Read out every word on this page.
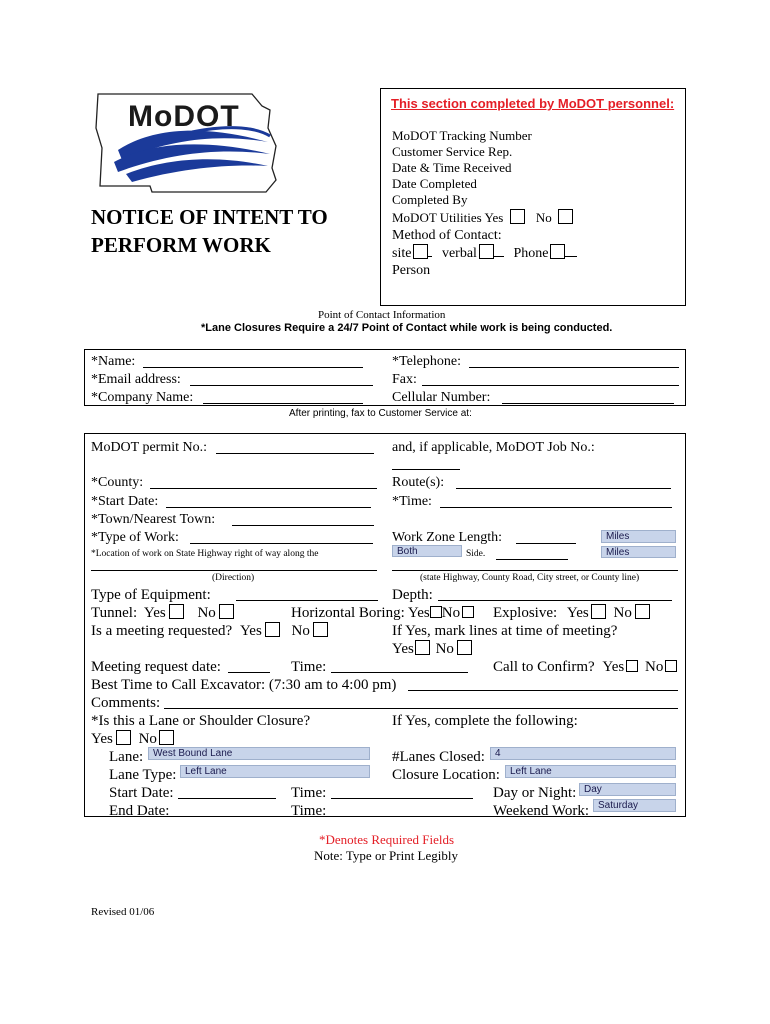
MoDOT
NOTICE OF INTENT TO
PERFORM WORK
This section completed by MoDOT personnel:
MoDOT Tracking Number
Customer Service Rep.
Date & Time Received
Date Completed
Completed By
MoDOT Utilities Yes	No
Method of Contact:
site verbal	Phone
Person
Point of Contact Information
*Lane Closures Require a 24/7 Point of Contact while work is being conducted.
*Name:	*Telephone:
*Email address:	Fax:
*Company Name:	Cellular Number:
After printing, fax to Customer Service at:
MoDOT permit No.:	and, if applicable, MoDOT Job No.:
*County:	Route(s):
*Start Date:	*Time:
*Town/Nearest Town:
*Type of Work:	Work Zone Length:	Miles
*Location of work on State Highway right of way along the	Both	Side.	Miles
(Direction)	(state Highway, County Road, City street, or County line)
Type of Equipment:	Depth:
Tunnel: Yes No	Horizontal Boring: Yes No	Explosive: Yes No
Is a meeting requested? Yes No	If Yes, mark lines at time of meeting?
Yes No
Meeting request date:	Time:	Call to Confirm? Yes No
Best Time to Call Excavator: (7:30 am to 4:00 pm)
Comments:
*Is this a Lane or Shoulder Closure?	If Yes, complete the following:
Yes No
Lane: West Bound Lane	#Lanes Closed:	4
Lane Type: Left Lane	Closure Location:	Left Lane
Start Date:	Time:	Day or Night: Day
End Date:	Time:	Weekend Work: Saturday
*Denotes Required Fields
Note: Type or Print Legibly
Revised 01/06
